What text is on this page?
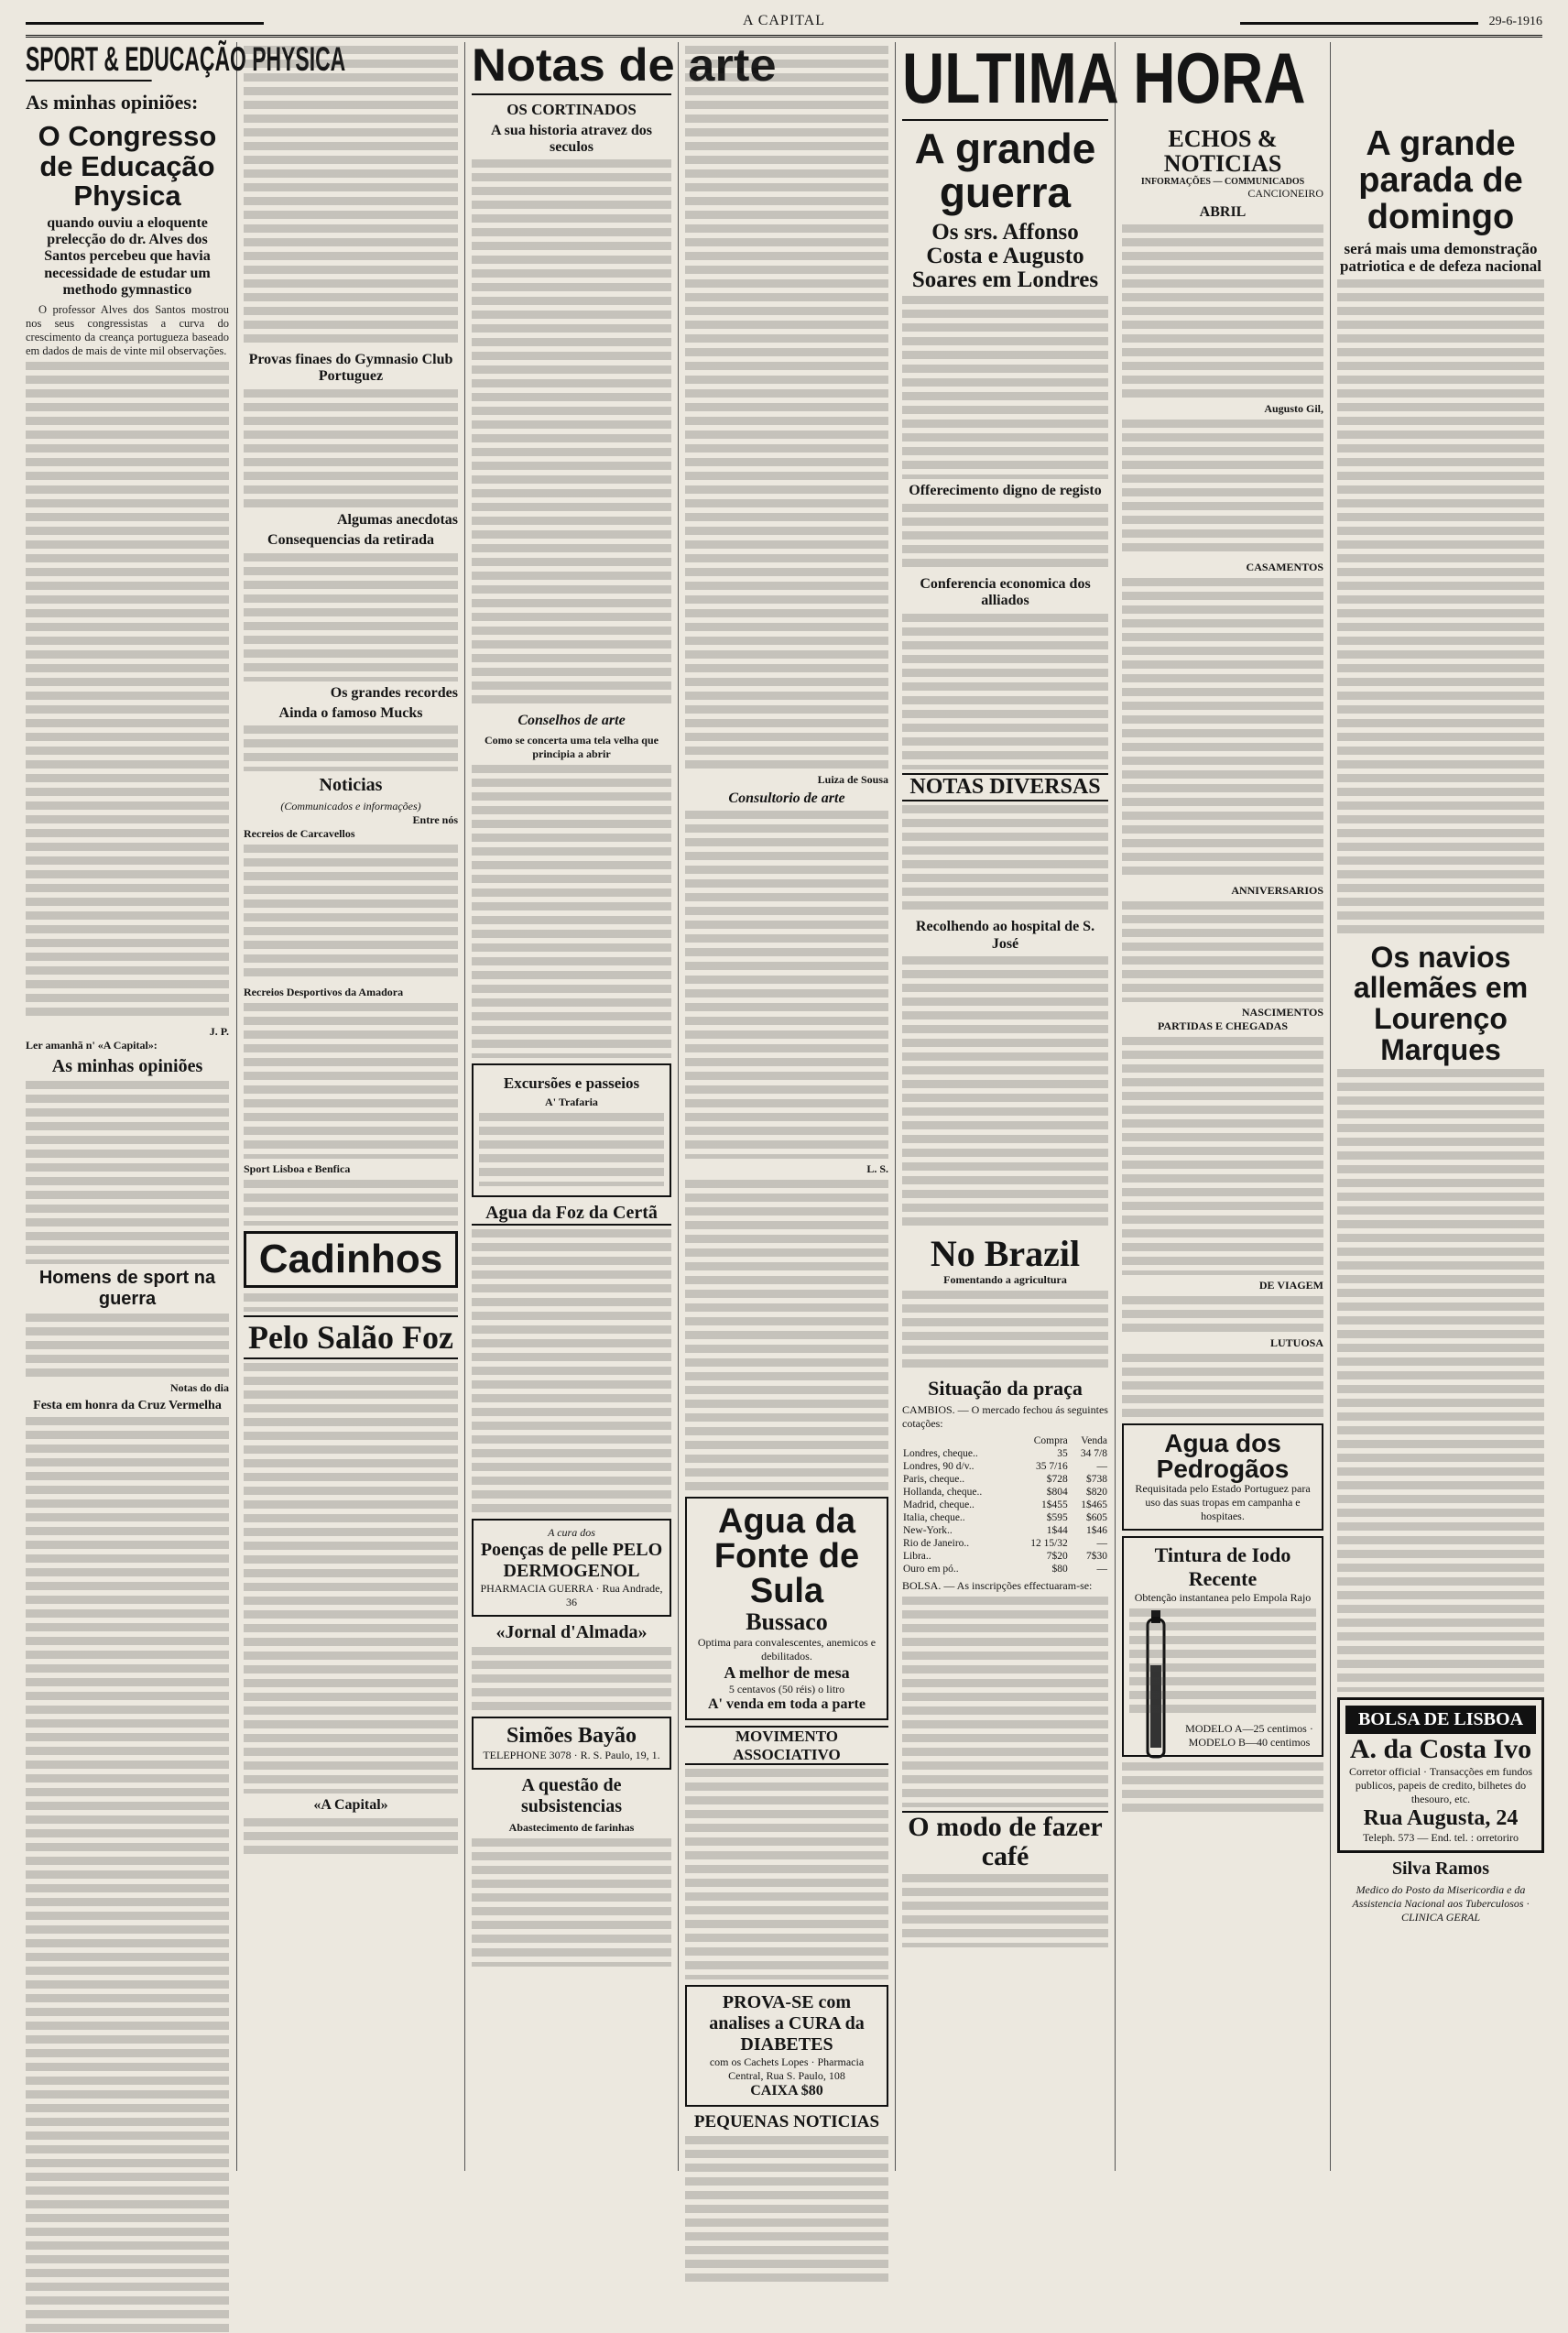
A CAPITAL	29-6-1916
SPORT & EDUCAÇÃO PHYSICA
As minhas opiniões:
O Congresso de Educação Physica
quando ouviu a eloquente prelecção do dr. Alves dos Santos percebeu que havia necessidade de estudar um methodo gymnastico
O professor Alves dos Santos mostrou nos seus congressistas a curva do crescimento da creança portugueza baseado em dados de mais de vinte mil observações.
J. P.
Ler amanhã n' «A Capital»:
As minhas opiniões
Homens de sport na guerra
Notas do dia
Festa em honra da Cruz Vermelha
Provas finaes do Gymnasio Club Portuguez
Algumas anecdotas
Consequencias da retirada
Os grandes recordes
Ainda o famoso Mucks
Noticias
(Communicados e informações)
Entre nós
Recreios de Carcavellos
Recreios Desportivos da Amadora
Sport Lisboa e Benfica
Cadinhos
Pelo Salão Foz
«A Capital»
Notas de arte
OS CORTINADOS
A sua historia atravez dos seculos
Conselhos de arte
Como se concerta uma tela velha que principia a abrir
Excursões e passeios
A' Trafaria
Agua da Foz da Certã
A cura dos
Poenças de pelle PELO DERMOGENOL
PHARMACIA GUERRA · Rua Andrade, 36
«Jornal d'Almada»
Simões Bayão
TELEPHONE 3078 · R. S. Paulo, 19, 1.
A questão de subsistencias
Abastecimento de farinhas
Luiza de Sousa
Consultorio de arte
L. S.
Agua da Fonte de Sula
Bussaco
Optima para convalescentes, anemicos e debilitados.
A melhor de mesa
5 centavos (50 réis) o litro
A' venda em toda a parte
MOVIMENTO ASSOCIATIVO
PROVA-SE com analises a CURA da DIABETES
com os Cachets Lopes · Pharmacia Central, Rua S. Paulo, 108
CAIXA $80
PEQUENAS NOTICIAS
ULTIMA HORA
A grande guerra
Os srs. Affonso Costa e Augusto Soares em Londres
Offerecimento digno de registo
Conferencia economica dos alliados
NOTAS DIVERSAS
Recolhendo ao hospital de S. José
No Brazil
Fomentando a agricultura
Situação da praça
CAMBIOS. — O mercado fechou ás seguintes cotações:
	Compra	Venda
Londres, cheque..	35	34 7/8
Londres, 90 d/v..	35 7/16	—
Paris, cheque..	$728	$738
Hollanda, cheque..	$804	$820
Madrid, cheque..	1$455	1$465
Italia, cheque..	$595	$605
New-York..	1$44	1$46
Rio de Janeiro..	12 15/32	—
Libra..	7$20	7$30
Ouro em pó..	$80	—
BOLSA. — As inscripções effectuaram-se:
O modo de fazer café
ECHOS & NOTICIAS
INFORMAÇÕES — COMMUNICADOS
CANCIONEIRO
ABRIL
Augusto Gil,
CASAMENTOS
ANNIVERSARIOS
NASCIMENTOS
PARTIDAS E CHEGADAS
DE VIAGEM
LUTUOSA
Agua dos Pedrogãos
Requisitada pelo Estado Portuguez para uso das suas tropas em campanha e hospitaes.
Tintura de Iodo Recente
Obtenção instantanea pelo Empola Rajo
MODELO A—25 centimos · MODELO B—40 centimos
A grande parada de domingo
será mais uma demonstração patriotica e de defeza nacional
Os navios allemães em Lourenço Marques
BOLSA DE LISBOA
A. da Costa Ivo
Corretor official · Transacções em fundos publicos, papeis de credito, bilhetes do thesouro, etc.
Rua Augusta, 24
Teleph. 573 — End. tel. : orretoriro
Silva Ramos
Medico do Posto da Misericordia e da Assistencia Nacional aos Tuberculosos · CLINICA GERAL
